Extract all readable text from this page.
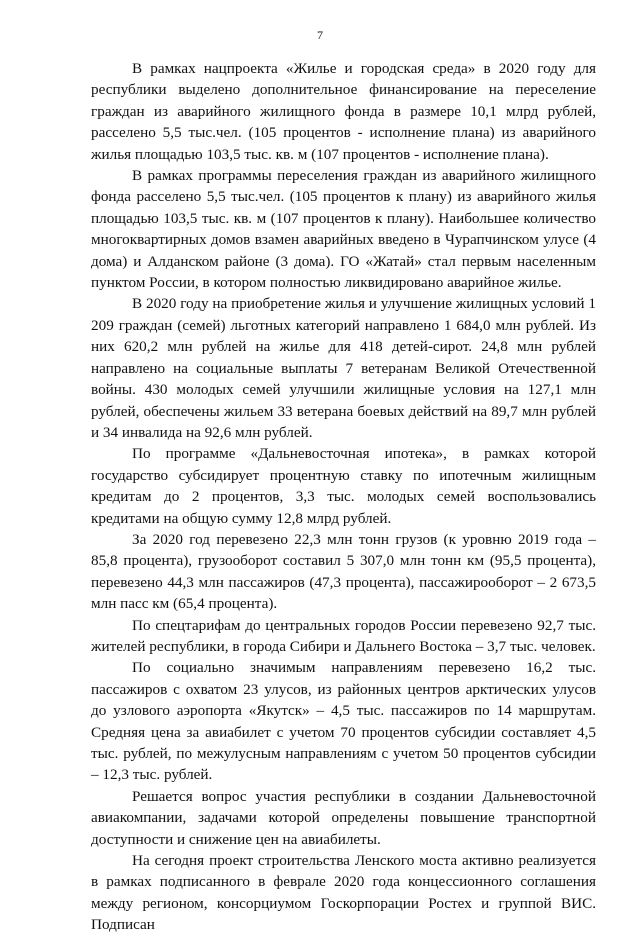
7

В рамках нацпроекта «Жилье и городская среда» в 2020 году для республики выделено дополнительное финансирование на переселение граждан из аварийного жилищного фонда в размере 10,1 млрд рублей, расселено 5,5 тыс.чел. (105 процентов - исполнение плана) из аварийного жилья площадью 103,5 тыс. кв. м (107 процентов - исполнение плана).

В рамках программы переселения граждан из аварийного жилищного фонда расселено 5,5 тыс.чел. (105 процентов к плану) из аварийного жилья площадью 103,5 тыс. кв. м (107 процентов к плану). Наибольшее количество многоквартирных домов взамен аварийных введено в Чурапчинском улусе (4 дома) и Алданском районе (3 дома). ГО «Жатай» стал первым населенным пунктом России, в котором полностью ликвидировано аварийное жилье.

В 2020 году на приобретение жилья и улучшение жилищных условий 1 209 граждан (семей) льготных категорий направлено 1 684,0 млн рублей. Из них 620,2 млн рублей на жилье для 418 детей-сирот. 24,8 млн рублей направлено на социальные выплаты 7 ветеранам Великой Отечественной войны. 430 молодых семей улучшили жилищные условия на 127,1 млн рублей, обеспечены жильем 33 ветерана боевых действий на 89,7 млн рублей и 34 инвалида на 92,6 млн рублей.

По программе «Дальневосточная ипотека», в рамках которой государство субсидирует процентную ставку по ипотечным жилищным кредитам до 2 процентов, 3,3 тыс. молодых семей воспользовались кредитами на общую сумму 12,8 млрд рублей.

За 2020 год перевезено 22,3 млн тонн грузов (к уровню 2019 года – 85,8 процента), грузооборот составил 5 307,0 млн тонн км (95,5 процента), перевезено 44,3 млн пассажиров (47,3 процента), пассажирооборот – 2 673,5 млн пасс км (65,4 процента).

По спецтарифам до центральных городов России перевезено 92,7 тыс. жителей республики, в города Сибири и Дальнего Востока – 3,7 тыс. человек.

По социально значимым направлениям перевезено 16,2 тыс. пассажиров с охватом 23 улусов, из районных центров арктических улусов до узлового аэропорта «Якутск» – 4,5 тыс. пассажиров по 14 маршрутам. Средняя цена за авиабилет с учетом 70 процентов субсидии составляет 4,5 тыс. рублей, по межулусным направлениям с учетом 50 процентов субсидии – 12,3 тыс. рублей.

Решается вопрос участия республики в создании Дальневосточной авиакомпании, задачами которой определены повышение транспортной доступности и снижение цен на авиабилеты.

На сегодня проект строительства Ленского моста активно реализуется в рамках подписанного в феврале 2020 года концессионного соглашения между регионом, консорциумом Госкорпорации Ростех и группой ВИС. Подписан
